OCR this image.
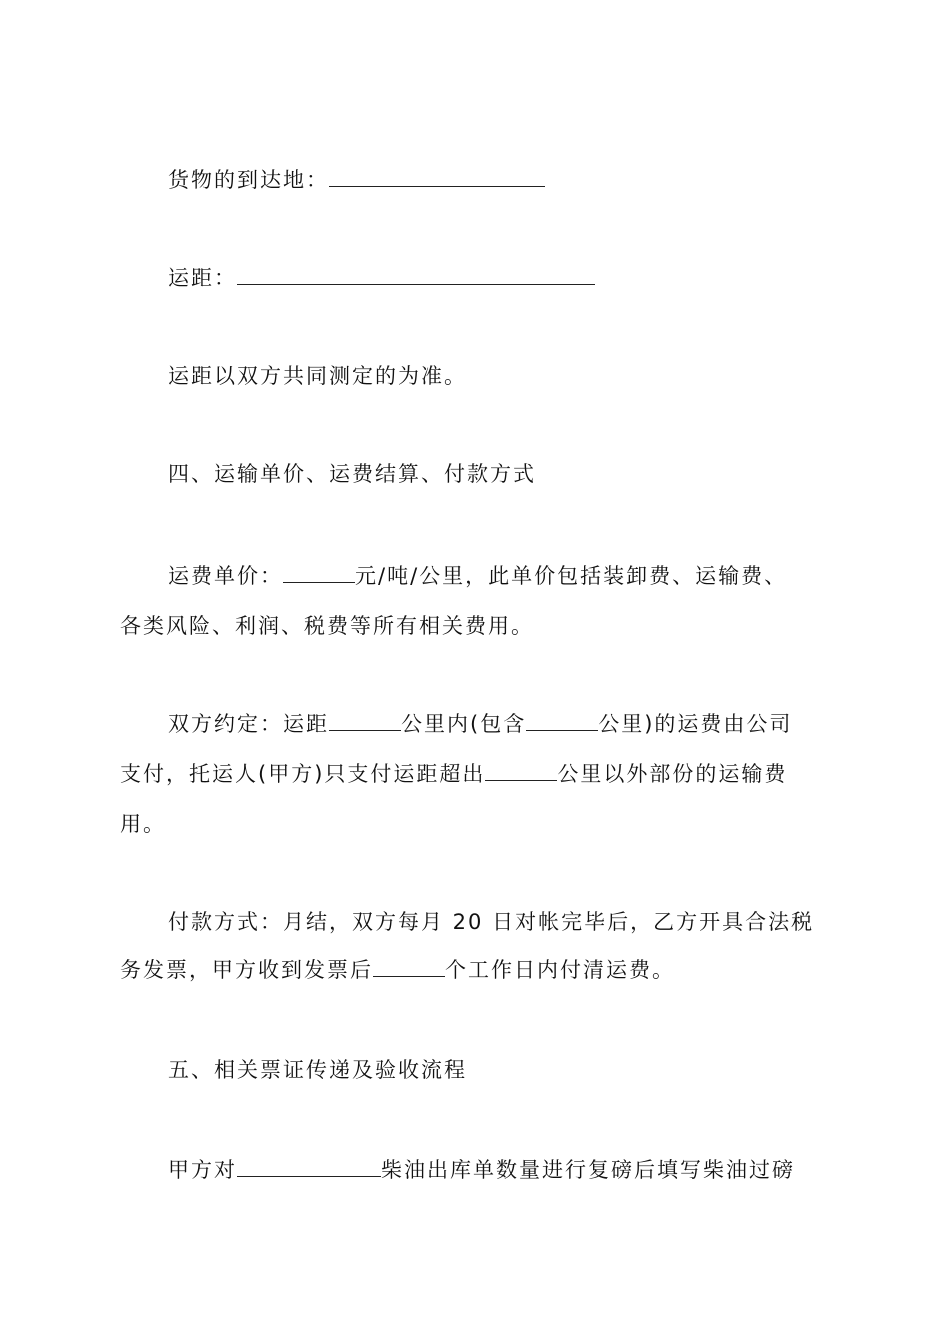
货物的到达地：
运距：
运距以双方共同测定的为准。
四、运输单价、运费结算、付款方式
运费单价：	元/吨/公里，此单价包括装卸费、运输费、
各类风险、利润、税费等所有相关费用。
双方约定：运距	公里内(包含	公里)的运费由公司
支付，托运人(甲方)只支付运距超出	公里以外部份的运输费
用。
付款方式：月结，双方每月 20 日对帐完毕后，乙方开具合法税
务发票，甲方收到发票后	个工作日内付清运费。
五、相关票证传递及验收流程
甲方对	柴油出库单数量进行复磅后填写柴油过磅
